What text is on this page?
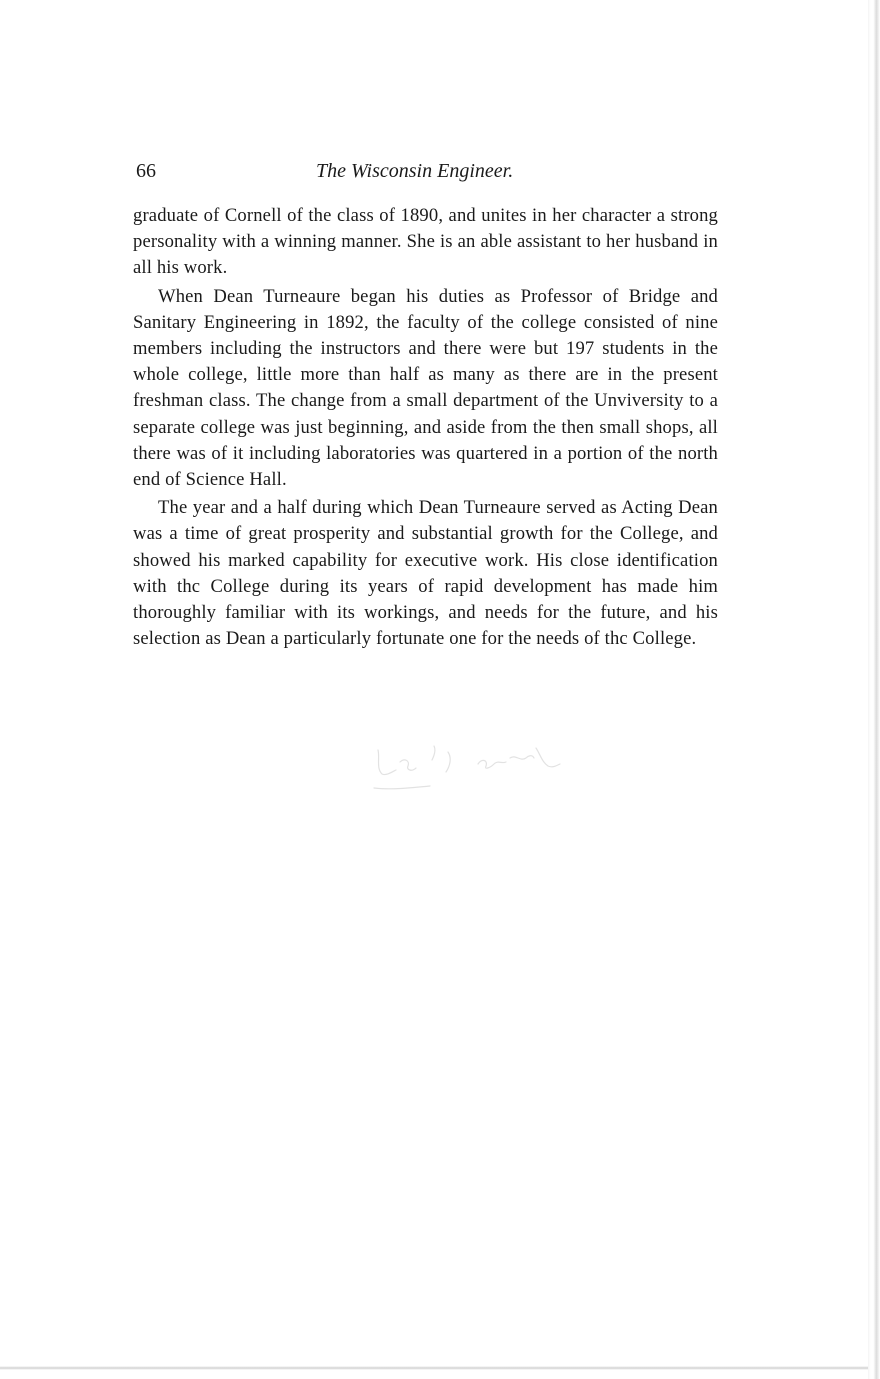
66	The Wisconsin Engineer.

graduate of Cornell of the class of 1890, and unites in her character a strong personality with a winning manner. She is an able assistant to her husband in all his work.

When Dean Turneaure began his duties as Professor of Bridge and Sanitary Engineering in 1892, the faculty of the college consisted of nine members including the instructors and there were but 197 students in the whole college, little more than half as many as there are in the present freshman class. The change from a small department of the Unviversity to a separate college was just beginning, and aside from the then small shops, all there was of it including laboratories was quartered in a portion of the north end of Science Hall.

The year and a half during which Dean Turneaure served as Acting Dean was a time of great prosperity and substantial growth for the College, and showed his marked capability for executive work. His close identification with thc College during its years of rapid development has made him thoroughly familiar with its workings, and needs for the future, and his selection as Dean a particularly fortunate one for the needs of thc College.
